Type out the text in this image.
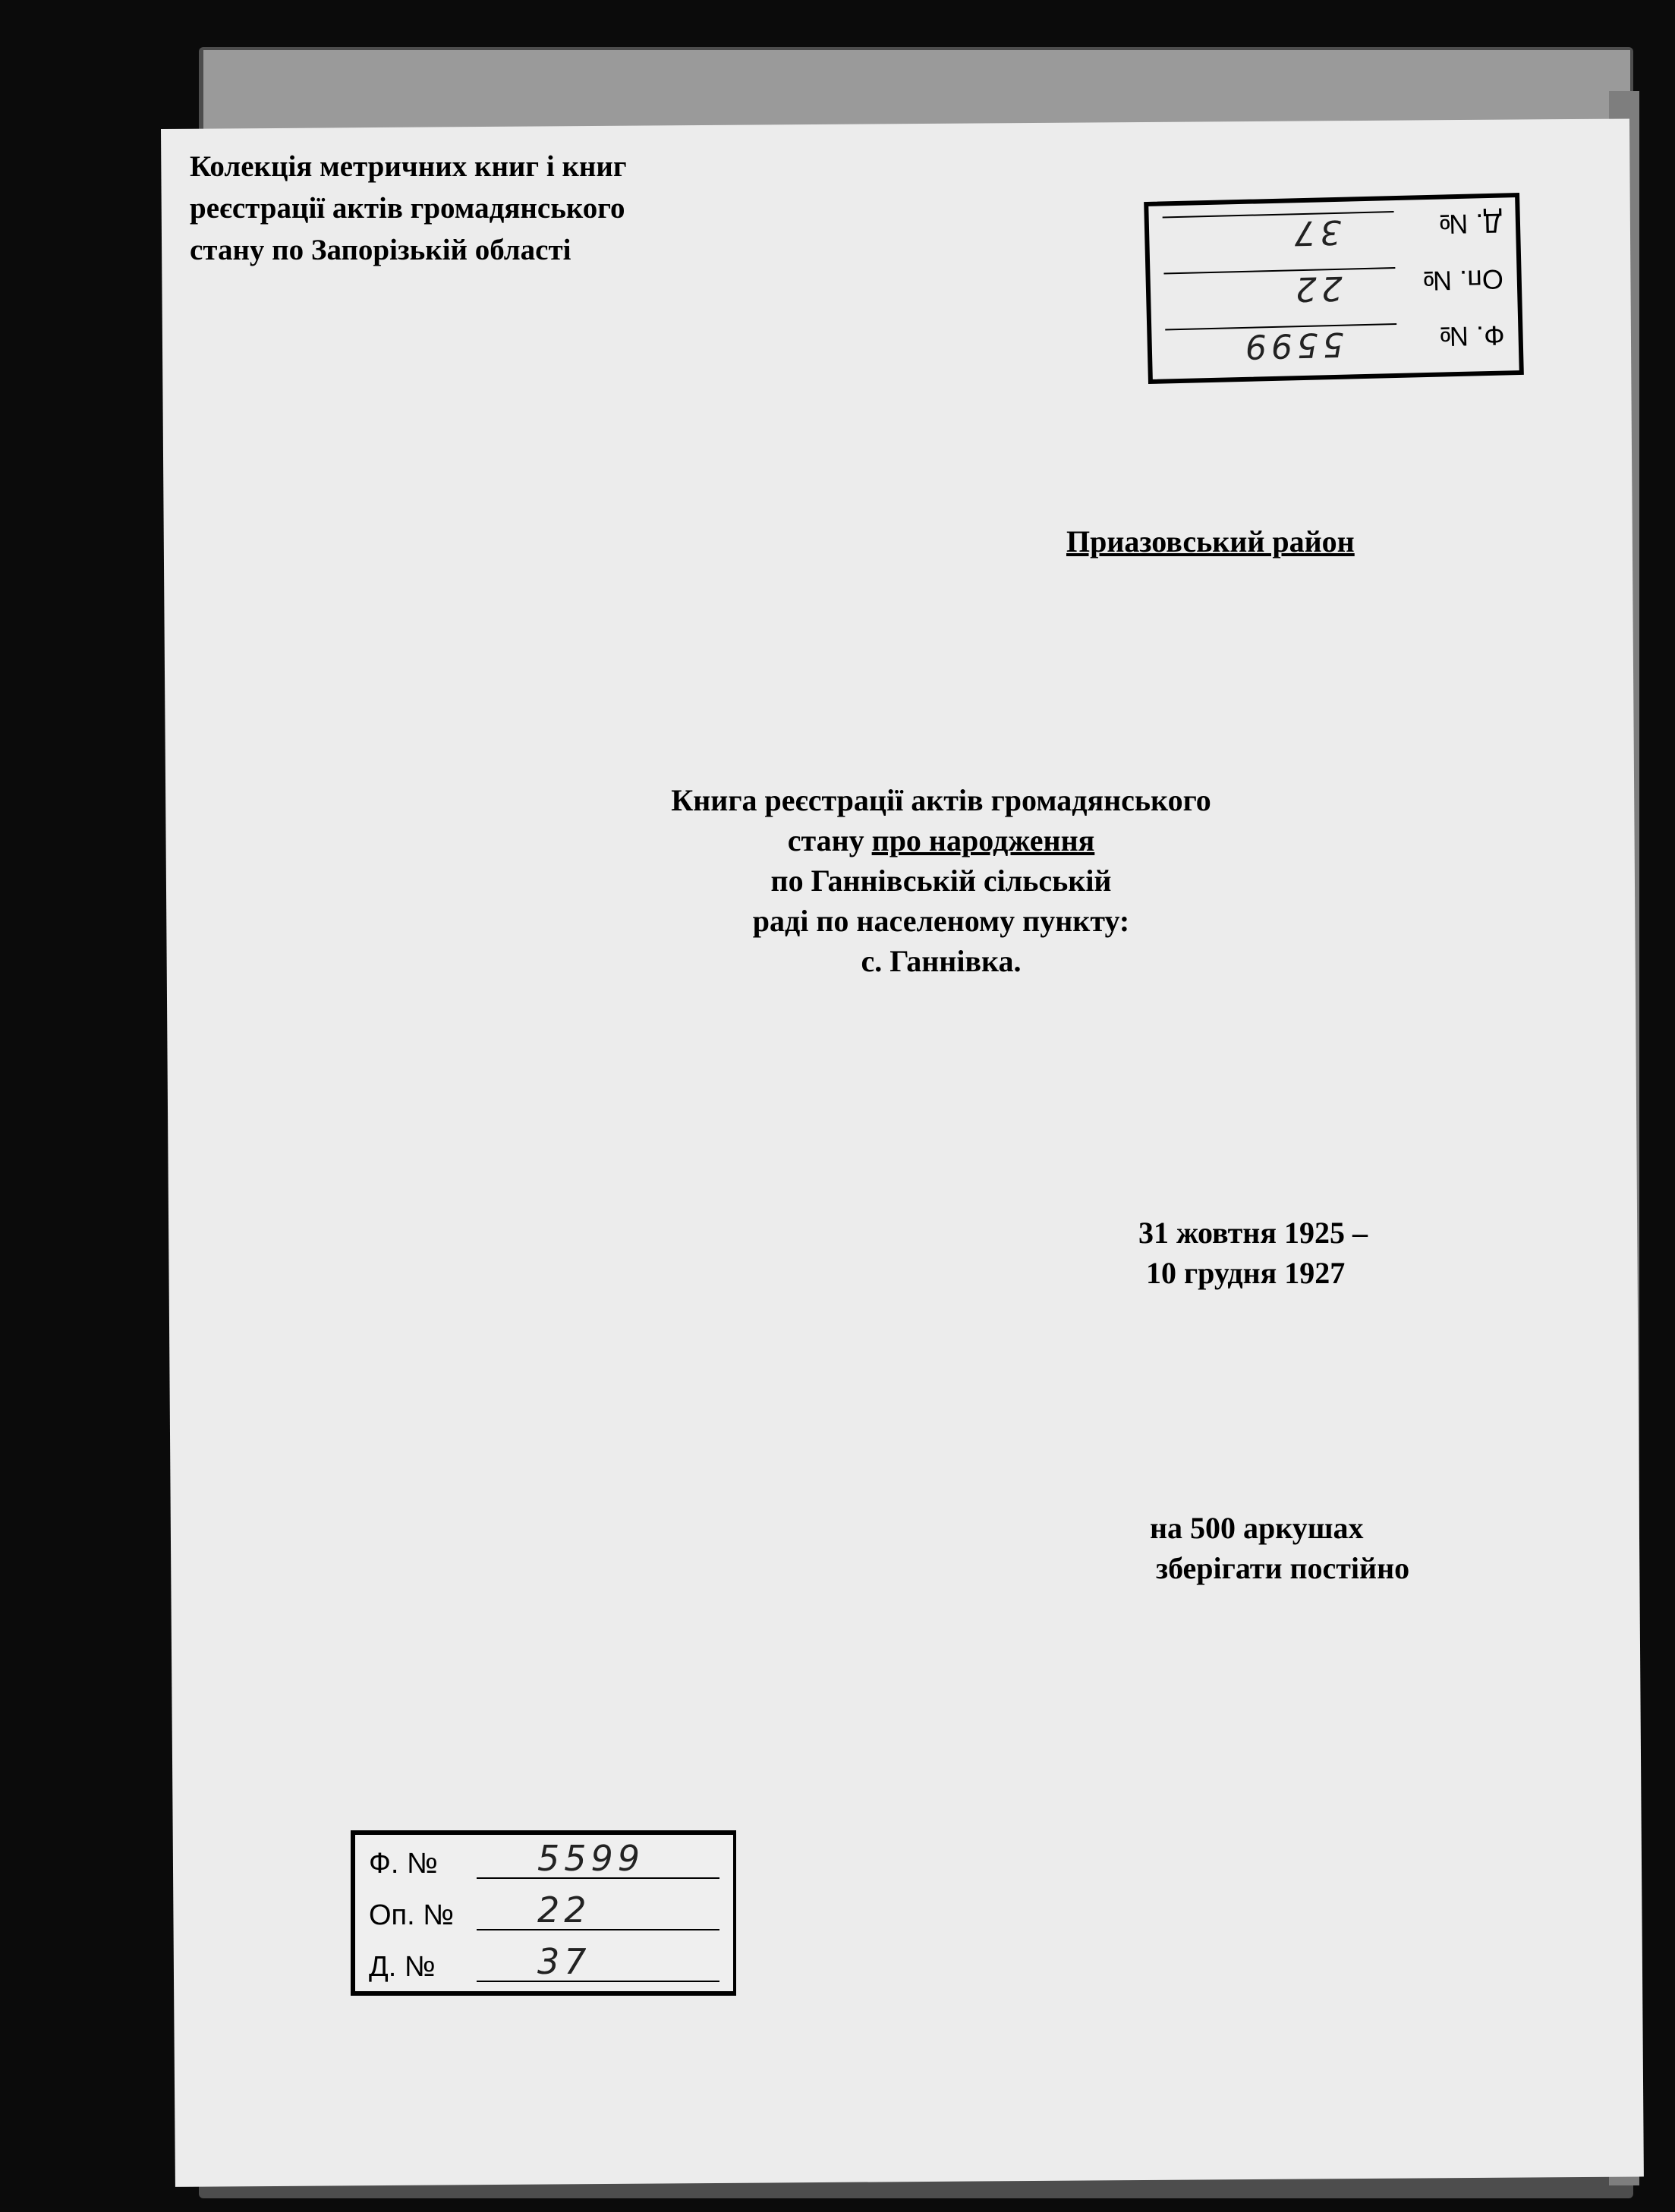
Колекція метричних книг і книг
реєстрації актів громадянського
стану по Запорізькій області
Ф. №
5599
Оп. №
22
Д. №
37
Приазовський район
Книга реєстрації актів громадянського
стану про народження
по Ганнівській сільській
раді по населеному пункту:
с. Ганнівка.
31 жовтня 1925 –
10 грудня 1927
на 500 аркушах
зберігати постійно
Ф. №	5599
Оп. № 22
Д. №	37
